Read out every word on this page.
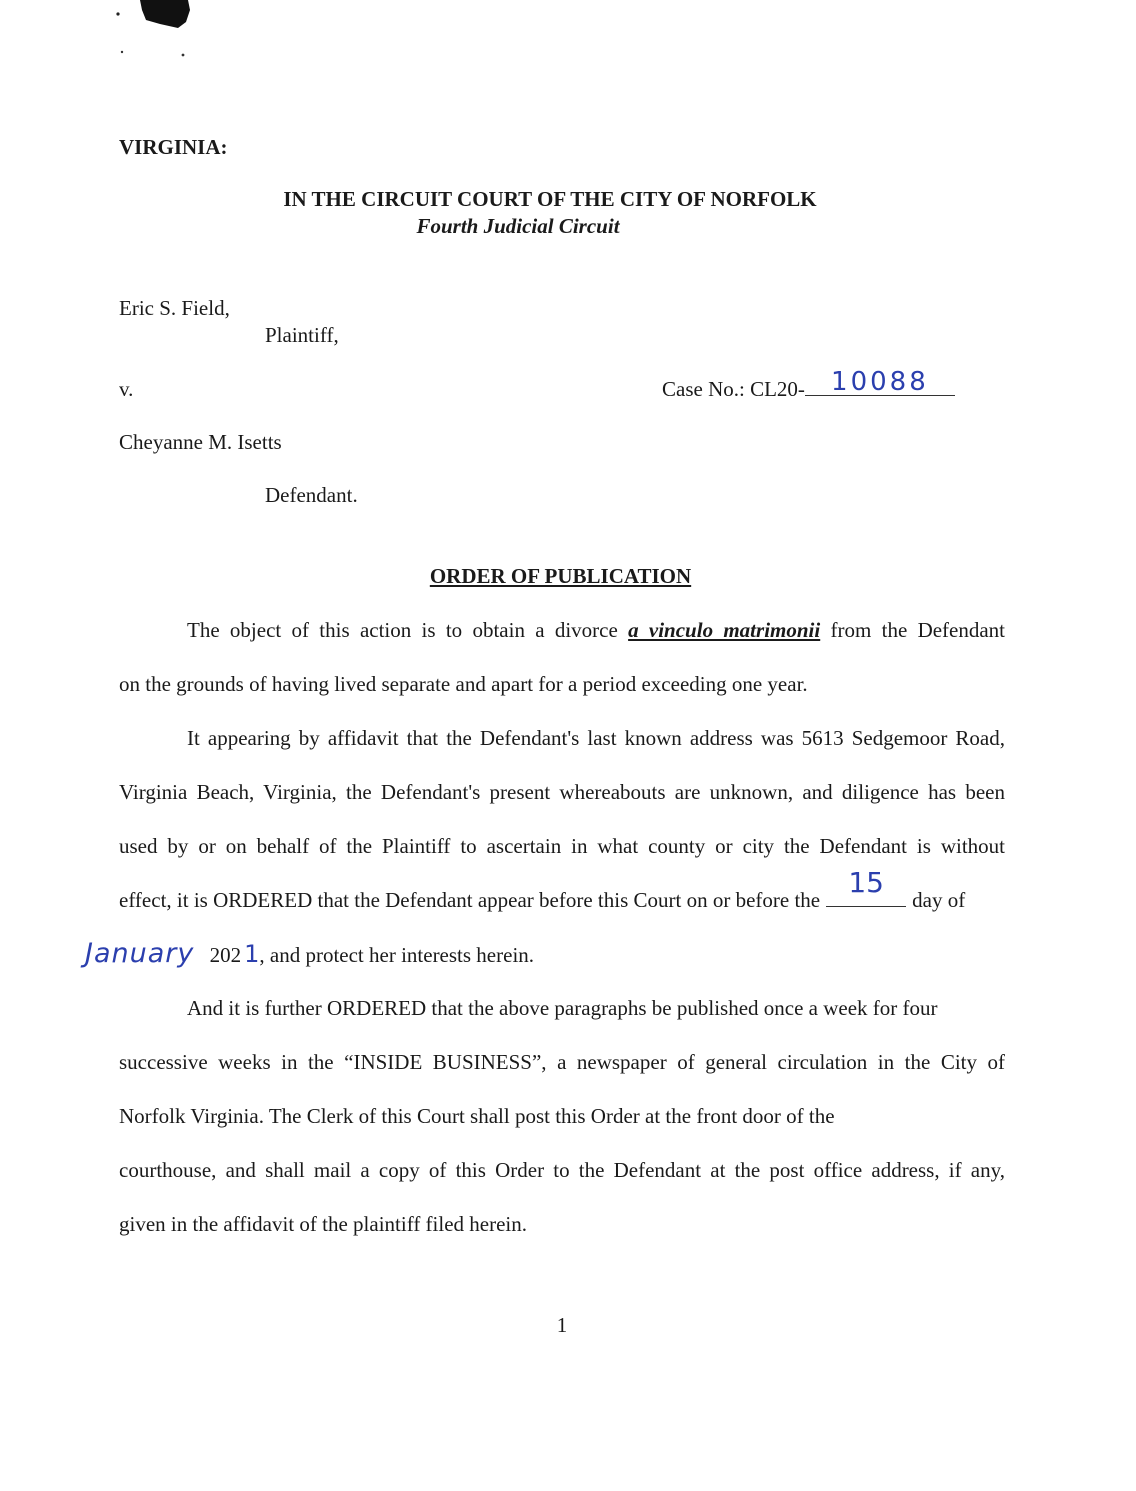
VIRGINIA:
IN THE CIRCUIT COURT OF THE CITY OF NORFOLK
Fourth Judicial Circuit
Eric S. Field,
Plaintiff,
v.	Case No.: CL20-	10088
Cheyanne M. Isetts
Defendant.
ORDER OF PUBLICATION
The object of this action is to obtain a divorce a vinculo matrimonii from the Defendant
on the grounds of having lived separate and apart for a period exceeding one year.
It appearing by affidavit that the Defendant's last known address was 5613 Sedgemoor Road,
Virginia Beach, Virginia, the Defendant's present whereabouts are unknown, and diligence has been
used by or on behalf of the Plaintiff to ascertain in what county or city the Defendant is without
effect, it is ORDERED that the Defendant appear before this Court on or before the
15
day of
January 202 1, and protect her interests herein.
And it is further ORDERED that the above paragraphs be published once a week for four
successive weeks in the “INSIDE BUSINESS”, a newspaper of general circulation in the City of
Norfolk Virginia. The Clerk of this Court shall post this Order at the front door of the
courthouse, and shall mail a copy of this Order to the Defendant at the post office address, if any,
given in the affidavit of the plaintiff filed herein.
1
